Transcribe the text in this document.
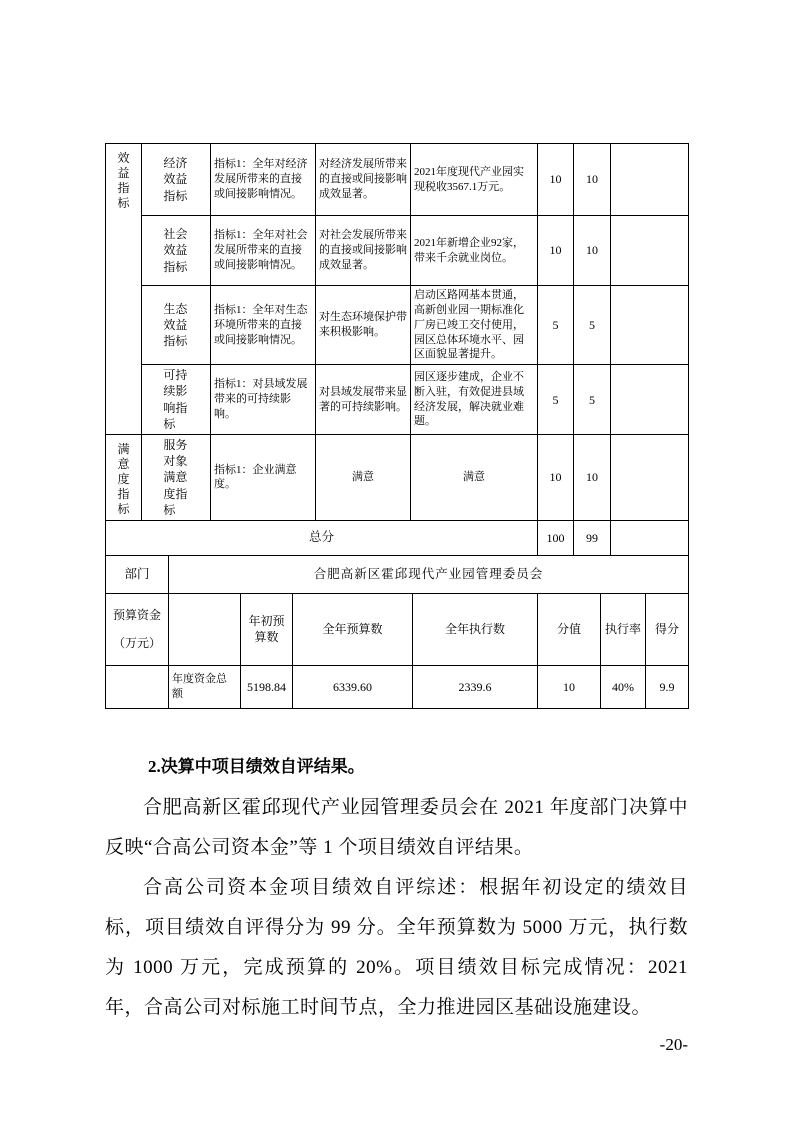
效益指标	经济效益指标	指标1：全年对经济发展所带来的直接或间接影响情况。	对经济发展所带来的直接或间接影响成效显著。	2021年度现代产业园实现税收3567.1万元。	10	10	

	社会效益指标	指标1：全年对社会发展所带来的直接或间接影响情况。	对社会发展所带来的直接或间接影响成效显著。	2021年新增企业92家，带来千余就业岗位。	10	10	

	生态效益指标	指标1：全年对生态环境所带来的直接或间接影响情况。	对生态环境保护带来积极影响。	启动区路网基本贯通，高新创业园一期标准化厂房已竣工交付使用，园区总体环境水平、园区面貌显著提升。	5	5	

	可持续影响指标	指标1：对县域发展带来的可持续影响。	对县域发展带来显著的可持续影响。	园区逐步建成，企业不断入驻，有效促进县域经济发展，解决就业难题。	5	5	

满意度指标	服务对象满意度指标	指标1：企业满意度。	满意	满意	10	10	
总分					100	99	
部门	合肥高新区霍邱现代产业园管理委员会
预算资金
（万元）		年初预算数	全年预算数	全年执行数	分值	执行率	得分
	年度资金总额	5198.84	6339.60	2339.6	10	40%	9.9
2.决算中项目绩效自评结果。

合肥高新区霍邱现代产业园管理委员会在 2021 年度部门决算中反映“合高公司资本金”等 1 个项目绩效自评结果。

合高公司资本金项目绩效自评综述：根据年初设定的绩效目标，项目绩效自评得分为 99 分。全年预算数为 5000 万元，执行数为 1000 万元，完成预算的 20%。项目绩效目标完成情况：2021 年，合高公司对标施工时间节点，全力推进园区基础设施建设。

-20-
